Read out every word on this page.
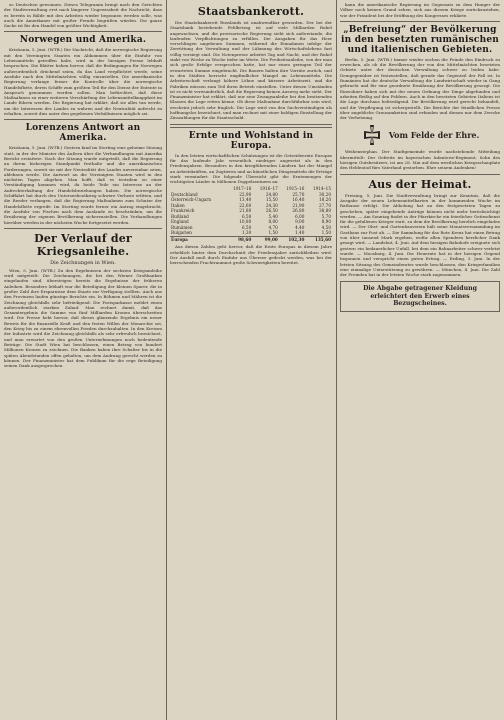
so Deutschen gewonnen. Dieses Telegramm bringt nach den Gerichten der Stadtverwaltung erst nach längerer Ungewissheit die Nachricht, dass es bereits in Bälde mit den Arbeiten wieder begonnen werden solle, was auch die Amerikaner mit großer Freude begrüßen würden. Die ganze Sache ist für den Handel von größter Wichtigkeit.

Norwegen und Amerika.

Kristiania, 5. Juni. (WTB.) Die Nachricht, daß die norwegische Regierung mit den Vereinigten Staaten ein Abkommen über die Einfuhr von Lebensmitteln getroffen habe, wird in der hiesigen Presse lebhaft besprochen. Die Blätter heben hervor, daß die Bedingungen für Norwegen außerordentlich drückend seien, da das Land verpflichtet werde, seine Ausfuhr nach den Mittelmächten völlig einzustellen. Die amerikanische Regierung verlange ferner die Kontrolle über die norwegische Handelsflotte, deren Schiffe zum größten Teil für den Dienst der Entente in Anspruch genommen werden sollen. Man befürchtet, daß diese Maßnahmen zu einer weiteren Verschärfung der Lebensmittelknappheit im Lande führen werden. Die Regierung hat erklärt, daß sie alles tun werde, um die Interessen des Landes zu wahren und die Neutralität aufrecht zu erhalten, soweit dies unter den gegebenen Verhältnissen möglich sei.

Lorenzens Antwort an Amerika.

Kristiania, 5. Juni. (WTB.) Gestern fand im Storting eine geheime Sitzung statt, in der der Minister des Äußern über die Verhandlungen mit Amerika Bericht erstattete. Nach der Sitzung wurde mitgeteilt, daß die Regierung an ihrem bisherigen Standpunkt festhalte und die amerikanischen Forderungen, soweit sie mit der Neutralität des Landes unvereinbar seien, ablehnen werde. Die Antwort an die Vereinigten Staaten wird in den nächsten Tagen abgehen. Man hofft, daß es trotzdem zu einer Verständigung kommen wird, da beide Teile ein Interesse an der Aufrechterhaltung der Handelsbeziehungen haben. Die norwegische Schiffahrt hat durch den Unterseebootkrieg schwere Verluste erlitten, und die Reeder verlangen, daß die Regierung Maßnahmen zum Schutze der Handelsflotte ergreife. Im Storting wurde ferner ein Antrag eingebracht, die Ausfuhr von Fischen nach dem Auslande zu beschränken, um die Ernährung der eigenen Bevölkerung sicherzustellen. Die Verhandlungen hierüber werden in der nächsten Woche fortgesetzt werden.

Der Verlauf der Kriegsanleihe.
Die Zeichnungen in Wien.

Wien, 5. Juni. (WTB.) Zu den Ergebnissen der sechsten Kriegsanleihe wird mitgeteilt: Die Zeichnungen, die bei den Wiener Großbanken eingelaufen sind, übersteigen bereits die Ergebnisse der früheren Anleihen. Besonders lebhaft war die Beteiligung der kleinen Sparer, die in großer Zahl ihre Ersparnisse dem Staate zur Verfügung stellten. Auch aus den Provinzen laufen günstige Berichte ein. In Böhmen und Mähren ist die Zeichnung gleichfalls sehr befriedigend. Die Postsparkasse meldet einen außerordentlich starken Zulauf. Man rechnet damit, daß das Gesamtergebnis die Summe von fünf Milliarden Kronen überschreiten wird. Die Presse hebt hervor, daß dieses glänzende Ergebnis ein neuer Beweis für die finanzielle Kraft und den festen Willen der Monarchie sei, den Krieg bis zu einem ehrenvollen Frieden durchzuhalten. In den Kreisen der Industrie wird die Zeichnung gleichfalls als sehr erfreulich bezeichnet, und man erwartet von den großen Unternehmungen noch bedeutende Beträge. Die Stadt Wien hat beschlossen, einen Betrag von hundert Millionen Kronen zu zeichnen. Die Banken haben ihre Schalter bis in die späten Abendstunden offen gehalten, um dem Andrang gerecht werden zu können. Der Finanzminister hat dem Publikum für die rege Beteiligung seinen Dank ausgesprochen.

Staatsbankerott.

Die Staatsbankerott Russlands ist unabwendbar geworden. Der bei der Staatsbank bestehende Fehlbetrag ist auf viele Milliarden Rubel angewachsen, und die provisorische Regierung sieht sich außerstande, die laufenden Verpflichtungen zu erfüllen. Die Ausgaben für das Heer verschlingen ungeheure Summen, während die Einnahmen infolge der Zerrüttung der Verwaltung und der Lähmung des Wirtschaftslebens fast völlig versiegt sind. Die Notenpresse arbeitet Tag und Nacht, und der Rubel sinkt von Woche zu Woche tiefer im Werte. Die Freiheitsanleihe, von der man sich große Erfolge versprochen hatte, hat nur einen geringen Teil der erwarteten Summe eingebracht. Die Bauern halten ihre Vorräte zurück, und in den Städten herrscht empfindlicher Mangel an Lebensmitteln. Die Arbeiterschaft verlangt höhere Löhne und kürzere Arbeitszeit, und die Fabriken müssen zum Teil ihren Betrieb einstellen. Unter diesen Umständen ist es nicht verwunderlich, daß die Regierung keinen Ausweg mehr sieht. Der Finanzminister hat erklärt, daß nur eine Zwangsanleihe bei den besitzenden Klassen die Lage retten könne. Ob diese Maßnahme durchführbar sein wird, erscheint jedoch sehr fraglich. Die Lage wird von den Sachverständigen als hoffnungslos bezeichnet, und man rechnet mit einer baldigen Einstellung der Zinszahlungen für die Staatsschuld.

Ernte und Wohlstand in Europa.

In den letzten wirtschaftlichen Schätzungen ist die Getreideernte Europas für das laufende Jahr wesentlich niedriger angesetzt als in den Friedensjahren. Besonders in den kriegführenden Ländern hat der Mangel an Arbeitskräften, an Zugtieren und an künstlichen Düngemitteln die Erträge stark vermindert. Die folgende Übersicht gibt die Erntemengen der wichtigsten Länder in Millionen Doppelzentnern an:

	1917–18	1916–17	1915–16	1914–15
Deutschland	22,90	24,80	25,70	30,20
Österreich-Ungarn	13,40	15,50	16,40	18,20
Italien	22,60	24,30	21,90	27,70
Frankreich	21,80	26,50	26,80	38,80
Rußland	6,50	5,40	6,00	5,70
England	10,80	8,00	9,00	8,90
Rumänien	6,50	4,70	4,40	4,50
Bulgarien	1,30	1,50	1,40	1,50
Europa	98,60	99,00	102,30	135,60

Aus diesen Zahlen geht hervor, daß die Ernte Europas in diesem Jahre erheblich hinter dem Durchschnitt der Friedensjahre zurückbleiben wird. Der Ausfall muß durch Einfuhr aus Übersee gedeckt werden, was bei der herrschenden Frachtraumnot große Schwierigkeiten bereitet.

kann die amerikanische Regierung im Gegensatz zu dem Hunger der Völker noch keinen Grund sehen, sich aus diesem Kriege zurückzuziehen, wie der Präsident bei der Eröffnung des Kongresses erklärte.

„Befreiung“ der Bevölkerung in den besetzten rumänischen und italienischen Gebieten.

Berlin, 5. Juni. (WTB.) Immer wieder suchen die Feinde den Eindruck zu erwecken, als ob die Bevölkerung der von den Mittelmächten besetzten Gebiete unter der deutschen Verwaltung schwer zu leiden habe. Demgegenüber ist festzustellen, daß gerade das Gegenteil der Fall ist. In Rumänien hat die deutsche Verwaltung die Landwirtschaft wieder in Gang gebracht und für eine geordnete Ernährung der Bevölkerung gesorgt. Die Einwohner haben sich mit der neuen Ordnung der Dinge abgefunden und arbeiten fleißig auf den Feldern. Auch in den besetzten Gebieten Italiens ist die Lage durchaus befriedigend. Die Bevölkerung wird gerecht behandelt, und die Verpflegung ist sichergestellt. Die Berichte der feindlichen Presse über angebliche Grausamkeiten sind erfunden und dienen nur dem Zwecke der Verhetzung.

Vom Felde der Ehre.

Weihenstephan. Der Stadtgemeinde wurde nachstehende Mitteilung übermittelt: Der Gefreite im bayerischen Infanterie-Regiment, Sohn des hiesigen Gutsbesitzers, ist am 28. Mai auf dem westlichen Kriegsschauplatz den Heldentod fürs Vaterland gestorben. Ehre seinem Andenken!

Aus der Heimat.

Freising, 5. Juni. Die Stadtverwaltung bringt zur Kenntnis, daß die Ausgabe der neuen Lebensmittelkarten in der kommenden Woche im Rathause erfolgt. Die Abholung hat an den festgesetzten Tagen zu geschehen; später eingehende Anträge können nicht mehr berücksichtigt werden. — Am Sonntag findet in der Pfarrkirche ein feierlicher Gottesdienst für die gefallenen Krieger statt, zu dem die Bevölkerung herzlich eingeladen wird. — Der Obst- und Gartenbauverein hält seine Monatsversammlung im Gasthaus zur Post ab. — Die Sammlung für das Rote Kreuz hat einen Betrag von über tausend Mark ergeben, wofür allen Spendern herzlicher Dank gesagt wird. — Landshut, 4. Juni. Auf dem hiesigen Bahnhofe ereignete sich gestern ein bedauerlicher Unfall, bei dem ein Bahnarbeiter schwer verletzt wurde. — Moosburg, 4. Juni. Die Heuernte hat in der hiesigen Gegend begonnen und verspricht einen guten Ertrag. — Erding, 3. Juni. In der letzten Sitzung des Gemeinderates wurde beschlossen, den Kriegerfamilien eine einmalige Unterstützung zu gewähren. — München, 4. Juni. Die Zahl der Fremden hat in der letzten Woche stark zugenommen.

Die Abgabe getragener Kleidung erleichtert den Erwerb eines Bezugscheines.
